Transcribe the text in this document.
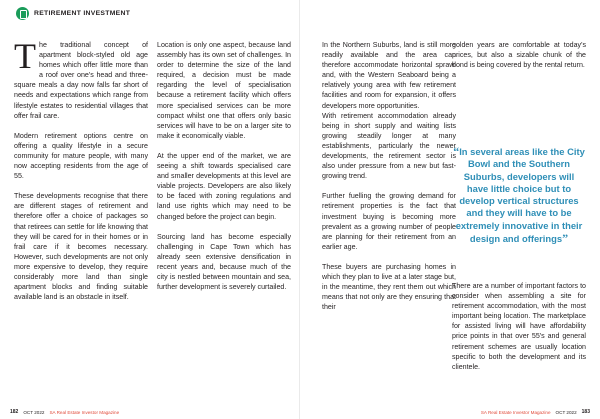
RETIREMENT INVESTMENT

The traditional concept of apartment block-styled old age homes which offer little more than a roof over one's head and three-square meals a day now falls far short of needs and expectations which range from lifestyle estates to residential villages that offer frail care.

Modern retirement options centre on offering a quality lifestyle in a secure community for mature people, with many now accepting residents from the age of 55.

These developments recognise that there are different stages of retirement and therefore offer a choice of packages so that retirees can settle for life knowing that they will be cared for in their homes or in frail care if it becomes necessary. However, such developments are not only more expensive to develop, they require considerably more land than single apartment blocks and finding suitable available land is an obstacle in itself.

Location is only one aspect, because land assembly has its own set of challenges. In order to determine the size of the land required, a decision must be made regarding the level of specialisation because a retirement facility which offers more specialised services can be more compact whilst one that offers only basic services will have to be on a larger site to make it economically viable.

At the upper end of the market, we are seeing a shift towards specialised care and smaller developments at this level are viable projects. Developers are also likely to be faced with zoning regulations and land use rights which may need to be changed before the project can begin.

Sourcing land has become especially challenging in Cape Town which has already seen extensive densification in recent years and, because much of the city is nestled between mountain and sea, further development is severely curtailed.

182 OCT 2022 SA Real Estate Investor Magazine

In the Northern Suburbs, land is still more readily available and the area can therefore accommodate horizontal sprawl and, with the Western Seaboard being a relatively young area with few retirement facilities and room for expansion, it offers developers more opportunities.

With retirement accommodation already being in short supply and waiting lists growing steadily longer at many establishments, particularly the newer developments, the retirement sector is also under pressure from a new but fast-growing trend.

Further fuelling the growing demand for retirement properties is the fact that investment buying is becoming more prevalent as a growing number of people are planning for their retirement from an earlier age.

These buyers are purchasing homes in which they plan to live at a later stage but, in the meantime, they rent them out which means that not only are they ensuring that their

golden years are comfortable at today's prices, but also a sizable chunk of the bond is being covered by the rental return.

“In several areas like the City Bowl and the Southern Suburbs, developers will have little choice but to develop vertical structures and they will have to be extremely innovative in their design and offerings”

There are a number of important factors to consider when assembling a site for retirement accommodation, with the most important being location. The marketplace for assisted living will have affordability price points in that over 55's and general retirement schemes are usually location specific to both the development and its clientele.

SA Real Estate Investor Magazine OCT 2022 183
